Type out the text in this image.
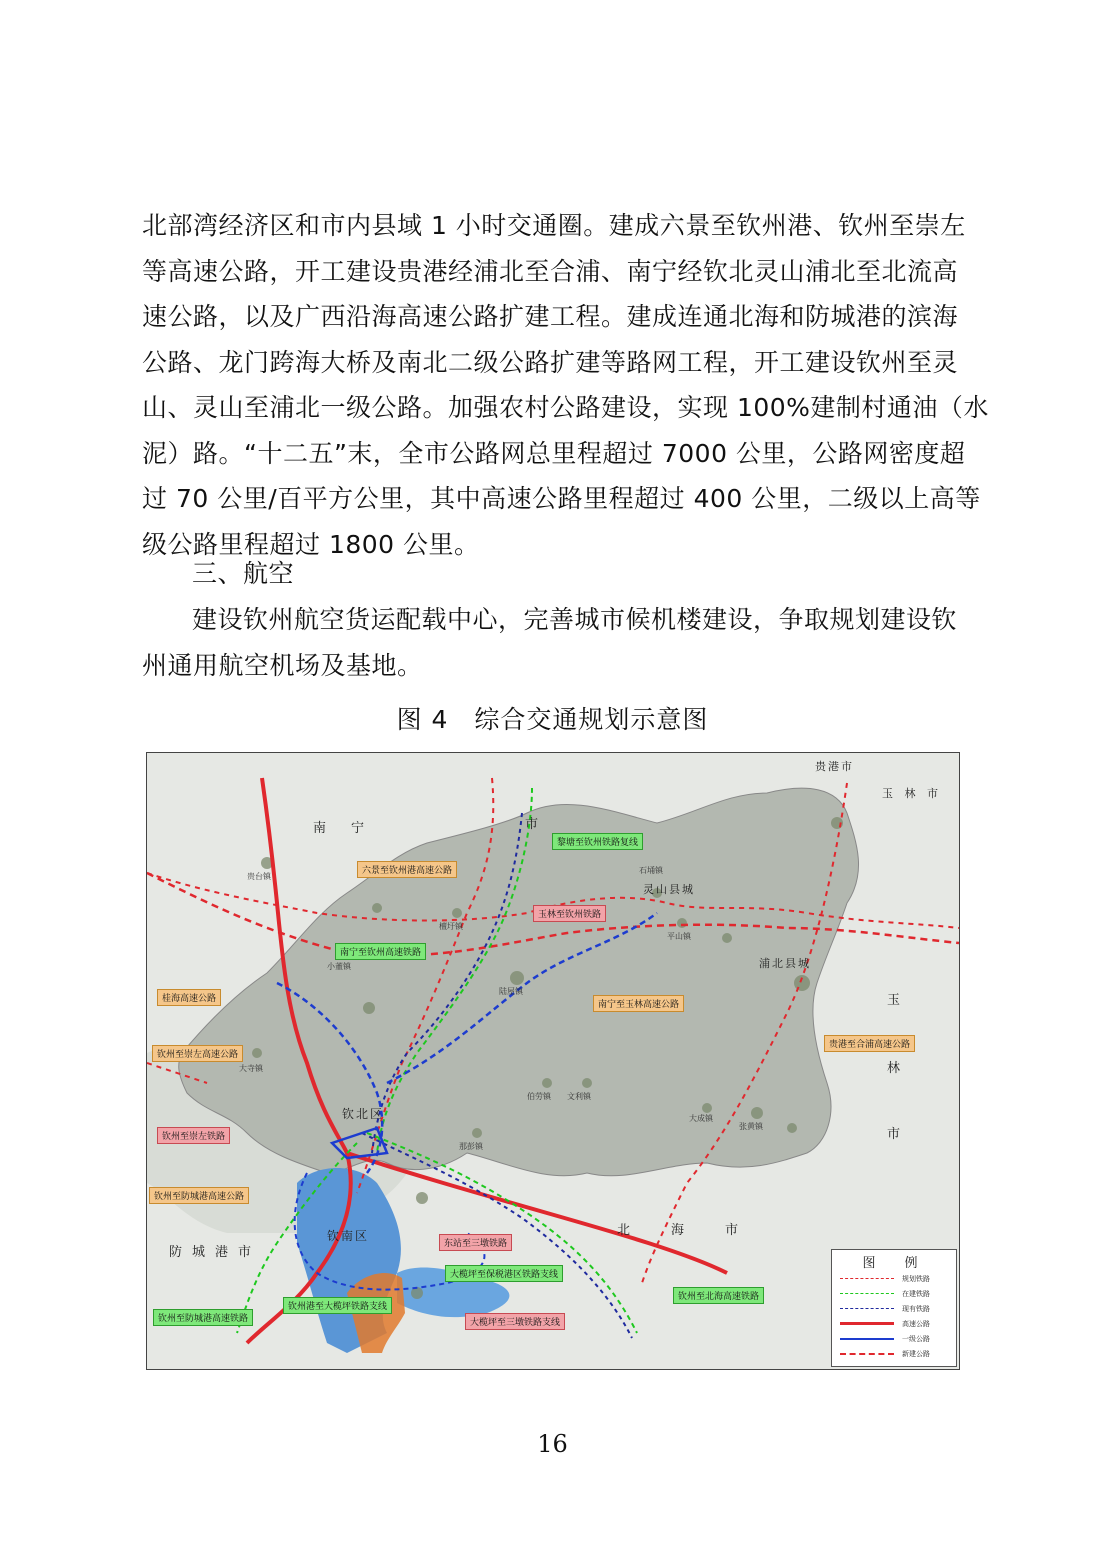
北部湾经济区和市内县域 1 小时交通圈。建成六景至钦州港、钦州至崇左
等高速公路，开工建设贵港经浦北至合浦、南宁经钦北灵山浦北至北流高
速公路，以及广西沿海高速公路扩建工程。建成连通北海和防城港的滨海
公路、龙门跨海大桥及南北二级公路扩建等路网工程，开工建设钦州至灵
山、灵山至浦北一级公路。加强农村公路建设，实现 100%建制村通油（水
泥）路。“十二五”末，全市公路网总里程超过 7000 公里，公路网密度超
过 70 公里/百平方公里，其中高速公路里程超过 400 公里，二级以上高等
级公路里程超过 1800 公里。

三、航空

建设钦州航空货运配载中心，完善城市候机楼建设，争取规划建设钦
州通用航空机场及基地。

图 4　综合交通规划示意图
南　宁	市
贵港市
玉 林 市
玉
林
市
北　海　市
防城港市
灵山县城
浦北县城
钦北区
钦南区
大寺镇
小董镇
檀圩镇
陆屋镇
石埇镇
平山镇
大成镇
张黄镇
文利镇
伯劳镇
那彭镇
贵台镇
黎塘至钦州铁路复线
六景至钦州港高速公路
玉林至钦州铁路
南宁至钦州高速铁路
桂海高速公路
南宁至玉林高速公路
钦州至崇左高速公路
贵港至合浦高速公路
钦州至崇左铁路
钦州至防城港高速公路
东站至三墩铁路
大榄坪至保税港区铁路支线
钦州至北海高速铁路
钦州至防城港高速铁路
钦州港至大榄坪铁路支线
大榄坪至三墩铁路支线
图　例
规划铁路
在建铁路
现有铁路
高速公路
一级公路
新建公路
16
